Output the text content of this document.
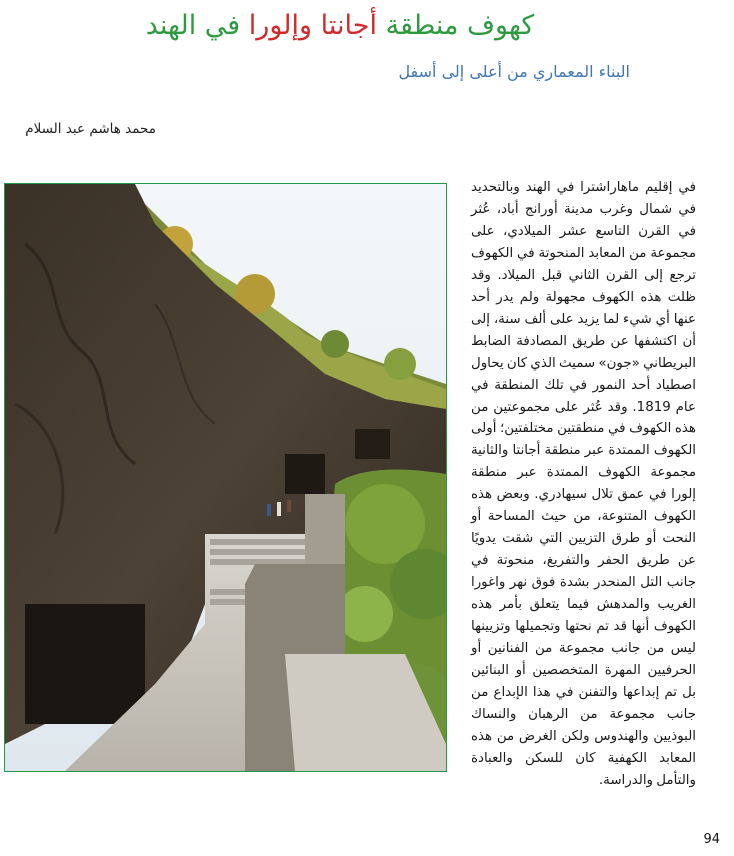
كهوف منطقة أجانتا وإلورا في الهند
البناء المعماري من أعلى إلى أسفل
محمد هاشم عبد السلام
في إقليم ماهاراشترا في الهند وبالتحديد في شمال وغرب مدينة أورانج أباد، عُثر في القرن التاسع عشر الميلادي، على مجموعة من المعابد المنحوتة في الكهوف ترجع إلى القرن الثاني قبل الميلاد. وقد ظلت هذه الكهوف مجهولة ولم يدر أحد عنها أي شيء لما يزيد على ألف سنة، إلى أن اكتشفها عن طريق المصادفة الضابط البريطاني «جون» سميث الذي كان يحاول اصطياد أحد النمور في تلك المنطقة في عام 1819. وقد عُثر على مجموعتين من هذه الكهوف في منطقتين مختلفتين؛ أولى الكهوف الممتدة عبر منطقة أجانتا والثانية مجموعة الكهوف الممتدة عبر منطقة إلورا في عمق تلال سيهادري. وبعض هذه الكهوف المتنوعة، من حيث المساحة أو النحت أو طرق التزيين التي شقت يدويًا عن طريق الحفر والتفريغ، منحوتة في جانب التل المنحدر بشدة فوق نهر واغورا الغريب والمدهش فيما يتعلق بأمر هذه الكهوف أنها قد تم نحتها وتجميلها وتزيينها ليس من جانب مجموعة من الفنانين أو الحرفيين المهرة المتخصصين أو البنائين بل تم إبداعها والتفنن في هذا الإبداع من جانب مجموعة من الرهبان والنساك البوذيين والهندوس ولكن الغرض من هذه المعابد الكهفية كان للسكن والعبادة والتأمل والدراسة.
94
